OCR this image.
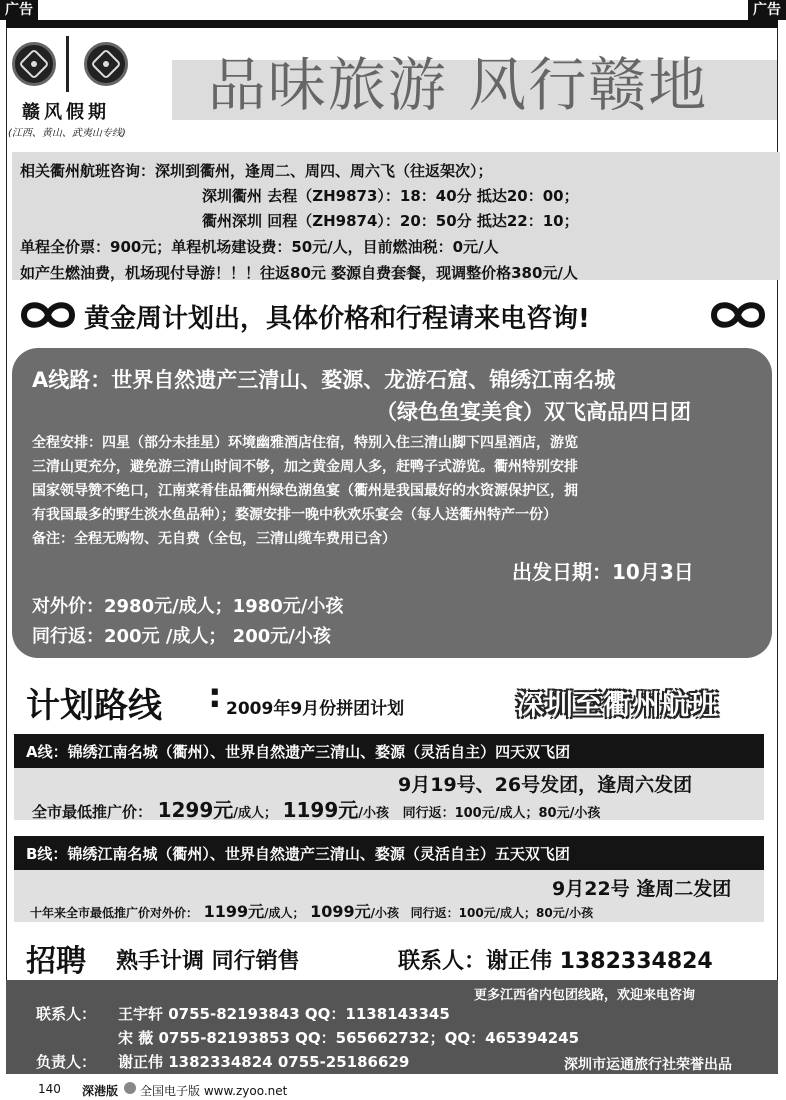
广告	广告
赣风假期
(江西、黄山、武夷山专线)
品味旅游 风行赣地
相关衢州航班咨询：深圳到衢州，逢周二、周四、周六飞（往返架次）；
深圳衢州 去程（ZH9873）：18：40分 抵达20：00；
衢州深圳 回程（ZH9874）：20：50分 抵达22：10；
单程全价票：900元；单程机场建设费：50元/人，目前燃油税：0元/人
如产生燃油费，机场现付导游！！！往返80元 婺源自费套餐，现调整价格380元/人
黄金周计划出，具体价格和行程请来电咨询!
A线路：世界自然遗产三清山、婺源、龙游石窟、锦绣江南名城
（绿色鱼宴美食）双飞高品四日团
全程安排：四星（部分未挂星）环境幽雅酒店住宿，特别入住三清山脚下四星酒店，游览
三清山更充分，避免游三清山时间不够，加之黄金周人多，赶鸭子式游览。衢州特别安排
国家领导赞不绝口，江南菜肴佳品衢州绿色湖鱼宴（衢州是我国最好的水资源保护区，拥
有我国最多的野生淡水鱼品种）；婺源安排一晚中秋欢乐宴会（每人送衢州特产一份）
备注：全程无购物、无自费（全包，三清山缆车费用已含）
出发日期：10月3日
对外价：2980元/成人；1980元/小孩
同行返：200元 /成人； 200元/小孩
计划路线 : 2009年9月份拼团计划	深圳至衢州航班
A线：锦绣江南名城（衢州）、世界自然遗产三清山、婺源（灵活自主）四天双飞团
9月19号、26号发团，逢周六发团
全市最低推广价： 1299元/成人； 1199元/小孩 同行返：100元/成人；80元/小孩
B线：锦绣江南名城（衢州）、世界自然遗产三清山、婺源（灵活自主）五天双飞团
9月22号 逢周二发团
十年来全市最低推广价对外价： 1199元/成人； 1099元/小孩 同行返：100元/成人；80元/小孩
招聘 熟手计调 同行销售	联系人：谢正伟 13823348​24
更多江西省内包团线路，欢迎来电咨询
联系人： 王宇轩 0755-82193843 QQ：1138143345
宋 薇 0755-82193853 QQ：565662732；QQ：465394245
负责人： 谢正伟 1382334824 0755-25186629	深圳市运通旅行社荣誉出品
140 深港版 全国电子版 www.zyoo.net
